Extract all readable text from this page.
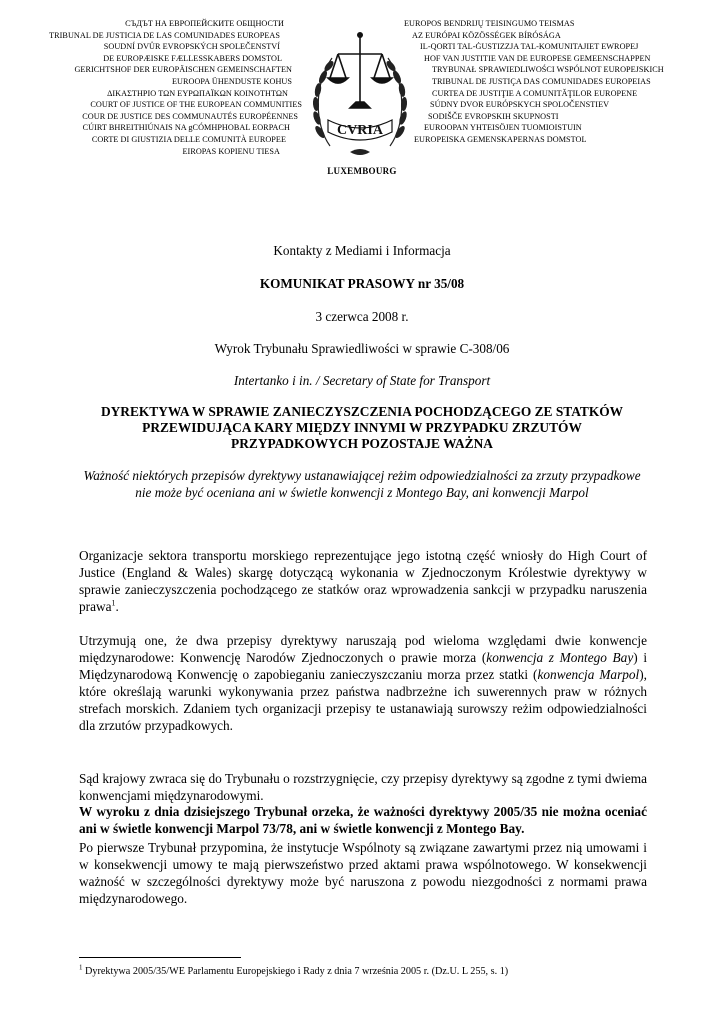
СЪДЪТ НА ЕВРОПЕЙСКИТЕ ОБЩНОСТИ
TRIBUNAL DE JUSTICIA DE LAS COMUNIDADES EUROPEAS
SOUDNÍ DVŮR EVROPSKÝCH SPOLEČENSTVÍ
DE EUROPÆISKE FÆLLESSKABERS DOMSTOL
GERICHTSHOF DER EUROPÄISCHEN GEMEINSCHAFTEN
EUROOPA ÜHENDUSTE KOHUS
ΔΙΚΑΣΤΗΡΙΟ ΤΩΝ ΕΥΡΩΠΑΪΚΩΝ ΚΟΙΝΟΤΗΤΩΝ
COURT OF JUSTICE OF THE EUROPEAN COMMUNITIES
COUR DE JUSTICE DES COMMUNAUTÉS EUROPÉENNES
CÚIRT BHREITHIÚNAIS NA gCÓMHPHOBAL EORPACH
CORTE DI GIUSTIZIA DELLE COMUNITÀ EUROPEE
EIROPAS KOPIENU TIESA
CVRIA
LUXEMBOURG
EUROPOS BENDRIJŲ TEISINGUMO TEISMAS
AZ EURÓPAI KÖZÖSSÉGEK BÍRÓSÁGA
IL-QORTI TAL-ĠUSTIZZJA TAL-KOMUNITAJIET EWROPEJ
HOF VAN JUSTITIE VAN DE EUROPESE GEMEENSCHAPPEN
TRYBUNAŁ SPRAWIEDLIWOŚCI WSPÓLNOT EUROPEJSKICH
TRIBUNAL DE JUSTIÇA DAS COMUNIDADES EUROPEIAS
CURTEA DE JUSTIŢIE A COMUNITĂŢILOR EUROPENE
SÚDNY DVOR EURÓPSKYCH SPOLOČENSTIEV
SODIŠČE EVROPSKIH SKUPNOSTI
EUROOPAN YHTEISÖJEN TUOMIOISTUIN
EUROPEISKA GEMENSKAPERNAS DOMSTOL
Kontakty z Mediami i Informacja
KOMUNIKAT PRASOWY nr 35/08
3 czerwca 2008 r.
Wyrok Trybunału Sprawiedliwości w sprawie C-308/06
Intertanko i in. / Secretary of State for Transport
DYREKTYWA W SPRAWIE ZANIECZYSZCZENIA POCHODZĄCEGO ZE STATKÓW PRZEWIDUJĄCA KARY MIĘDZY INNYMI W PRZYPADKU ZRZUTÓW PRZYPADKOWYCH POZOSTAJE WAŻNA
Ważność niektórych przepisów dyrektywy ustanawiającej reżim odpowiedzialności za zrzuty przypadkowe nie może być oceniana ani w świetle konwencji z Montego Bay, ani konwencji Marpol
Organizacje sektora transportu morskiego reprezentujące jego istotną część wniosły do High Court of Justice (England & Wales) skargę dotyczącą wykonania w Zjednoczonym Królestwie dyrektywy w sprawie zanieczyszczenia pochodzącego ze statków oraz wprowadzenia sankcji w przypadku naruszenia prawa$^1$.
Utrzymują one, że dwa przepisy dyrektywy naruszają pod wieloma względami dwie konwencje międzynarodowe: Konwencję Narodów Zjednoczonych o prawie morza (konwencja z Montego Bay) i Międzynarodową Konwencję o zapobieganiu zanieczyszczaniu morza przez statki (konwencja Marpol), które określają warunki wykonywania przez państwa nadbrzeżne ich suwerennych praw w różnych strefach morskich. Zdaniem tych organizacji przepisy te ustanawiają surowszy reżim odpowiedzialności dla zrzutów przypadkowych.
Sąd krajowy zwraca się do Trybunału o rozstrzygnięcie, czy przepisy dyrektywy są zgodne z tymi dwiema konwencjami międzynarodowymi.
W wyroku z dnia dzisiejszego Trybunał orzeka, że ważności dyrektywy 2005/35 nie można oceniać ani w świetle konwencji Marpol 73/78, ani w świetle konwencji z Montego Bay.
Po pierwsze Trybunał przypomina, że instytucje Wspólnoty są związane zawartymi przez nią umowami i w konsekwencji umowy te mają pierwszeństwo przed aktami prawa wspólnotowego. W konsekwencji ważność w szczególności dyrektywy może być naruszona z powodu niezgodności z normami prawa międzynarodowego.
$^1$ Dyrektywa 2005/35/WE Parlamentu Europejskiego i Rady z dnia 7 września 2005 r. (Dz.U. L 255, s. 1)
